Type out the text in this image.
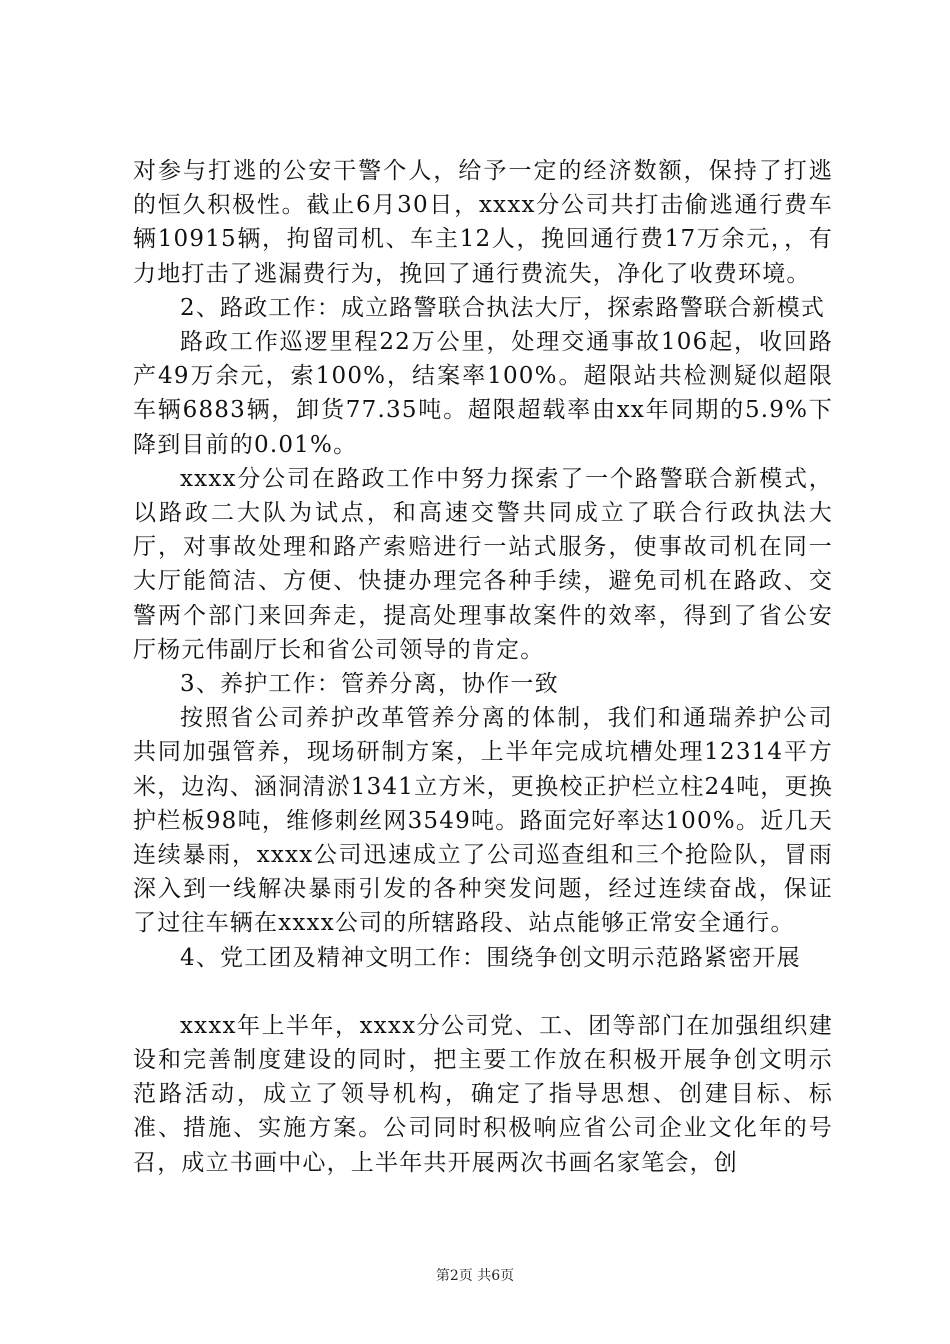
对参与打逃的公安干警个人，给予一定的经济数额，保持了打逃的恒久积极性。截止6月30日，xxxx分公司共打击偷逃通行费车辆10915辆，拘留司机、车主12人，挽回通行费17万余元，，有力地打击了逃漏费行为，挽回了通行费流失，净化了收费环境。

2、路政工作：成立路警联合执法大厅，探索路警联合新模式

路政工作巡逻里程22万公里，处理交通事故106起，收回路产49万余元，索100%，结案率100%。超限站共检测疑似超限车辆6883辆，卸货77.35吨。超限超载率由xx年同期的5.9%下降到目前的0.01%。

xxxx分公司在路政工作中努力探索了一个路警联合新模式，以路政二大队为试点，和高速交警共同成立了联合行政执法大厅，对事故处理和路产索赔进行一站式服务，使事故司机在同一大厅能简洁、方便、快捷办理完各种手续，避免司机在路政、交警两个部门来回奔走，提高处理事故案件的效率，得到了省公安厅杨元伟副厅长和省公司领导的肯定。

3、养护工作：管养分离，协作一致

按照省公司养护改革管养分离的体制，我们和通瑞养护公司共同加强管养，现场研制方案，上半年完成坑槽处理12314平方米，边沟、涵洞清淤1341立方米，更换校正护栏立柱24吨，更换护栏板98吨，维修刺丝网3549吨。路面完好率达100%。近几天连续暴雨，xxxx公司迅速成立了公司巡查组和三个抢险队，冒雨深入到一线解决暴雨引发的各种突发问题，经过连续奋战，保证了过往车辆在xxxx公司的所辖路段、站点能够正常安全通行。

4、党工团及精神文明工作：围绕争创文明示范路紧密开展

xxxx年上半年，xxxx分公司党、工、团等部门在加强组织建设和完善制度建设的同时，把主要工作放在积极开展争创文明示范路活动，成立了领导机构，确定了指导思想、创建目标、标准、措施、实施方案。公司同时积极响应省公司企业文化年的号召，成立书画中心，上半年共开展两次书画名家笔会，创

第2页 共6页
